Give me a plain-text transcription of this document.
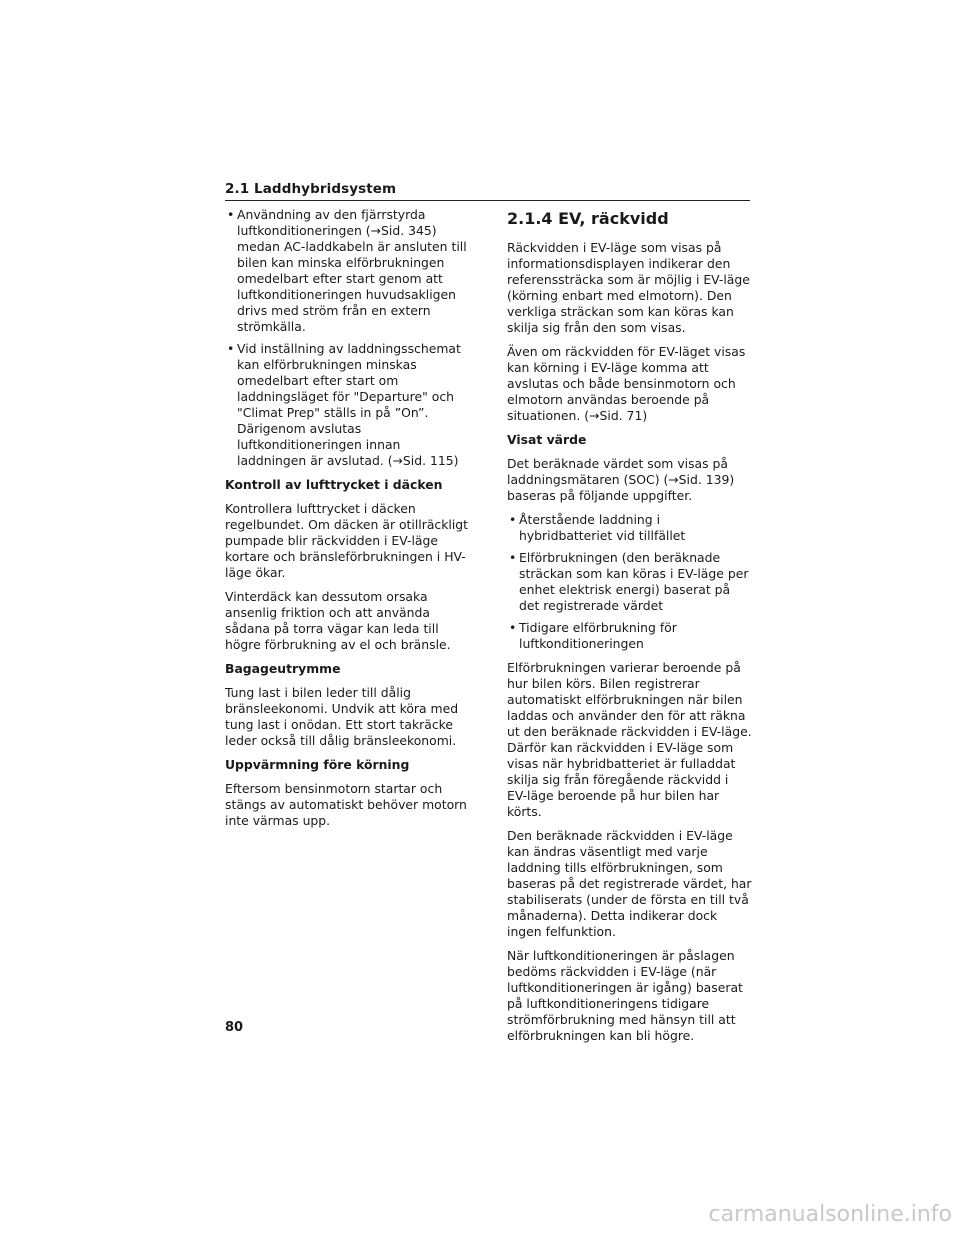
2.1 Laddhybridsystem
• Användning av den fjärrstyrda luftkonditioneringen (→Sid. 345) medan AC-laddkabeln är ansluten till bilen kan minska elförbrukningen omedelbart efter start genom att luftkonditioneringen huvudsakligen drivs med ström från en extern strömkälla.
• Vid inställning av laddningsschemat kan elförbrukningen minskas omedelbart efter start om laddningsläget för "Departure" och "Climat Prep" ställs in på ”On”. Därigenom avslutas luftkonditioneringen innan laddningen är avslutad. (→Sid. 115)

Kontroll av lufttrycket i däcken

Kontrollera lufttrycket i däcken regelbundet. Om däcken är otillräckligt pumpade blir räckvidden i EV-läge kortare och bränsleförbrukningen i HV-läge ökar.

Vinterdäck kan dessutom orsaka ansenlig friktion och att använda sådana på torra vägar kan leda till högre förbrukning av el och bränsle.

Bagageutrymme

Tung last i bilen leder till dålig bränsleekonomi. Undvik att köra med tung last i onödan. Ett stort takräcke leder också till dålig bränsleekonomi.

Uppvärmning före körning

Eftersom bensinmotorn startar och stängs av automatiskt behöver motorn inte värmas upp.

2.1.4 EV, räckvidd

Räckvidden i EV-läge som visas på informationsdisplayen indikerar den referenssträcka som är möjlig i EV-läge (körning enbart med elmotorn). Den verkliga sträckan som kan köras kan skilja sig från den som visas.

Även om räckvidden för EV-läget visas kan körning i EV-läge komma att avslutas och både bensinmotorn och elmotorn användas beroende på situationen. (→Sid. 71)

Visat värde

Det beräknade värdet som visas på laddningsmätaren (SOC) (→Sid. 139) baseras på följande uppgifter.

• Återstående laddning i hybridbatteriet vid tillfället
• Elförbrukningen (den beräknade sträckan som kan köras i EV-läge per enhet elektrisk energi) baserat på det registrerade värdet
• Tidigare elförbrukning för luftkonditioneringen

Elförbrukningen varierar beroende på hur bilen körs. Bilen registrerar automatiskt elförbrukningen när bilen laddas och använder den för att räkna ut den beräknade räckvidden i EV-läge. Därför kan räckvidden i EV-läge som visas när hybridbatteriet är fulladdat skilja sig från föregående räckvidd i EV-läge beroende på hur bilen har körts.

Den beräknade räckvidden i EV-läge kan ändras väsentligt med varje laddning tills elförbrukningen, som baseras på det registrerade värdet, har stabiliserats (under de första en till två månaderna). Detta indikerar dock ingen felfunktion.

När luftkonditioneringen är påslagen bedöms räckvidden i EV-läge (när luftkonditioneringen är igång) baserat på luftkonditioneringens tidigare strömförbrukning med hänsyn till att elförbrukningen kan bli högre.

80
carmanualsonline.info
